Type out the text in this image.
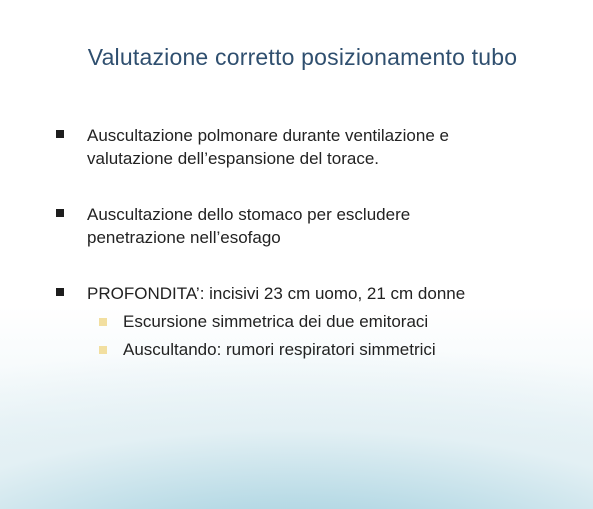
Valutazione corretto posizionamento tubo
Auscultazione polmonare durante ventilazione e
valutazione dell’espansione del torace.
Auscultazione dello stomaco per escludere
penetrazione nell’esofago
PROFONDITA’: incisivi 23 cm uomo, 21 cm donne
Escursione simmetrica dei due emitoraci
Auscultando: rumori respiratori simmetrici
